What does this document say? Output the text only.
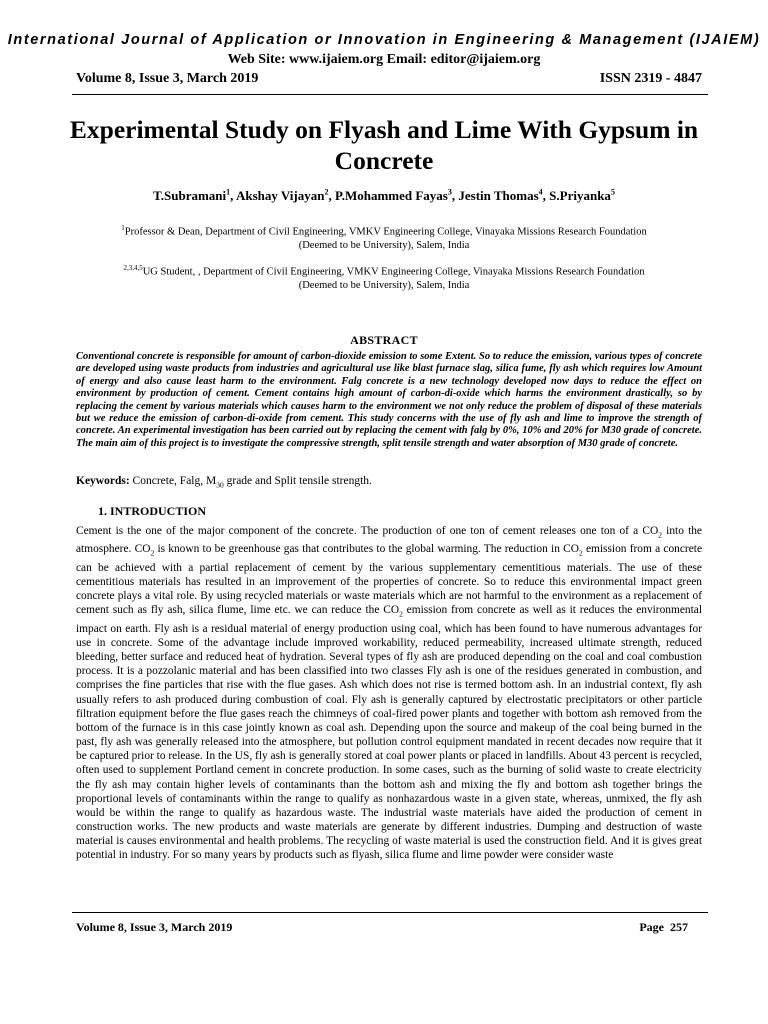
International Journal of Application or Innovation in Engineering & Management (IJAIEM)
Web Site: www.ijaiem.org Email: editor@ijaiem.org
Volume 8, Issue 3, March 2019	ISSN 2319 - 4847
Experimental Study on Flyash and Lime With Gypsum in Concrete
T.Subramani$^1$, Akshay Vijayan$^2$, P.Mohammed Fayas$^3$, Jestin Thomas$^4$, S.Priyanka$^5$
$^1$Professor & Dean, Department of Civil Engineering, VMKV Engineering College, Vinayaka Missions Research Foundation
(Deemed to be University), Salem, India
$^{2,3,4,5}$UG Student, , Department of Civil Engineering, VMKV Engineering College, Vinayaka Missions Research Foundation
(Deemed to be University), Salem, India
ABSTRACT
Conventional concrete is responsible for amount of carbon-dioxide emission to some Extent. So to reduce the emission, various types of concrete are developed using waste products from industries and agricultural use like blast furnace slag, silica fume, fly ash which requires low Amount of energy and also cause least harm to the environment. Falg concrete is a new technology developed now days to reduce the effect on environment by production of cement. Cement contains high amount of carbon-di-oxide which harms the environment drastically, so by replacing the cement by various materials which causes harm to the environment we not only reduce the problem of disposal of these materials but we reduce the emission of carbon-di-oxide from cement. This study concerns with the use of fly ash and lime to improve the strength of concrete. An experimental investigation has been carried out by replacing the cement with falg by 0%, 10% and 20% for M30 grade of concrete. The main aim of this project is to investigate the compressive strength, split tensile strength and water absorption of M30 grade of concrete.
Keywords: Concrete, Falg, $M_{30}$ grade and Split tensile strength.
1. INTRODUCTION
Cement is the one of the major component of the concrete. The production of one ton of cement releases one ton of a $CO_2$ into the atmosphere. $CO_2$ is known to be greenhouse gas that contributes to the global warming. The reduction in $CO_2$ emission from a concrete can be achieved with a partial replacement of cement by the various supplementary cementitious materials. The use of these cementitious materials has resulted in an improvement of the properties of concrete. So to reduce this environmental impact green concrete plays a vital role. By using recycled materials or waste materials which are not harmful to the environment as a replacement of cement such as fly ash, silica flume, lime etc. we can reduce the $CO_2$ emission from concrete as well as it reduces the environmental impact on earth. Fly ash is a residual material of energy production using coal, which has been found to have numerous advantages for use in concrete. Some of the advantage include improved workability, reduced permeability, increased ultimate strength, reduced bleeding, better surface and reduced heat of hydration. Several types of fly ash are produced depending on the coal and coal combustion process. It is a pozzolanic material and has been classified into two classes Fly ash is one of the residues generated in combustion, and comprises the fine particles that rise with the flue gases. Ash which does not rise is termed bottom ash. In an industrial context, fly ash usually refers to ash produced during combustion of coal. Fly ash is generally captured by electrostatic precipitators or other particle filtration equipment before the flue gases reach the chimneys of coal-fired power plants and together with bottom ash removed from the bottom of the furnace is in this case jointly known as coal ash. Depending upon the source and makeup of the coal being burned in the past, fly ash was generally released into the atmosphere, but pollution control equipment mandated in recent decades now require that it be captured prior to release. In the US, fly ash is generally stored at coal power plants or placed in landfills. About 43 percent is recycled, often used to supplement Portland cement in concrete production. In some cases, such as the burning of solid waste to create electricity the fly ash may contain higher levels of contaminants than the bottom ash and mixing the fly and bottom ash together brings the proportional levels of contaminants within the range to qualify as nonhazardous waste in a given state, whereas, unmixed, the fly ash would be within the range to qualify as hazardous waste. The industrial waste materials have aided the production of cement in construction works. The new products and waste materials are generate by different industries. Dumping and destruction of waste material is causes environmental and health problems. The recycling of waste material is used the construction field. And it is gives great potential in industry. For so many years by products such as flyash, silica flume and lime powder were consider waste
Volume 8, Issue 3, March 2019	Page 257
